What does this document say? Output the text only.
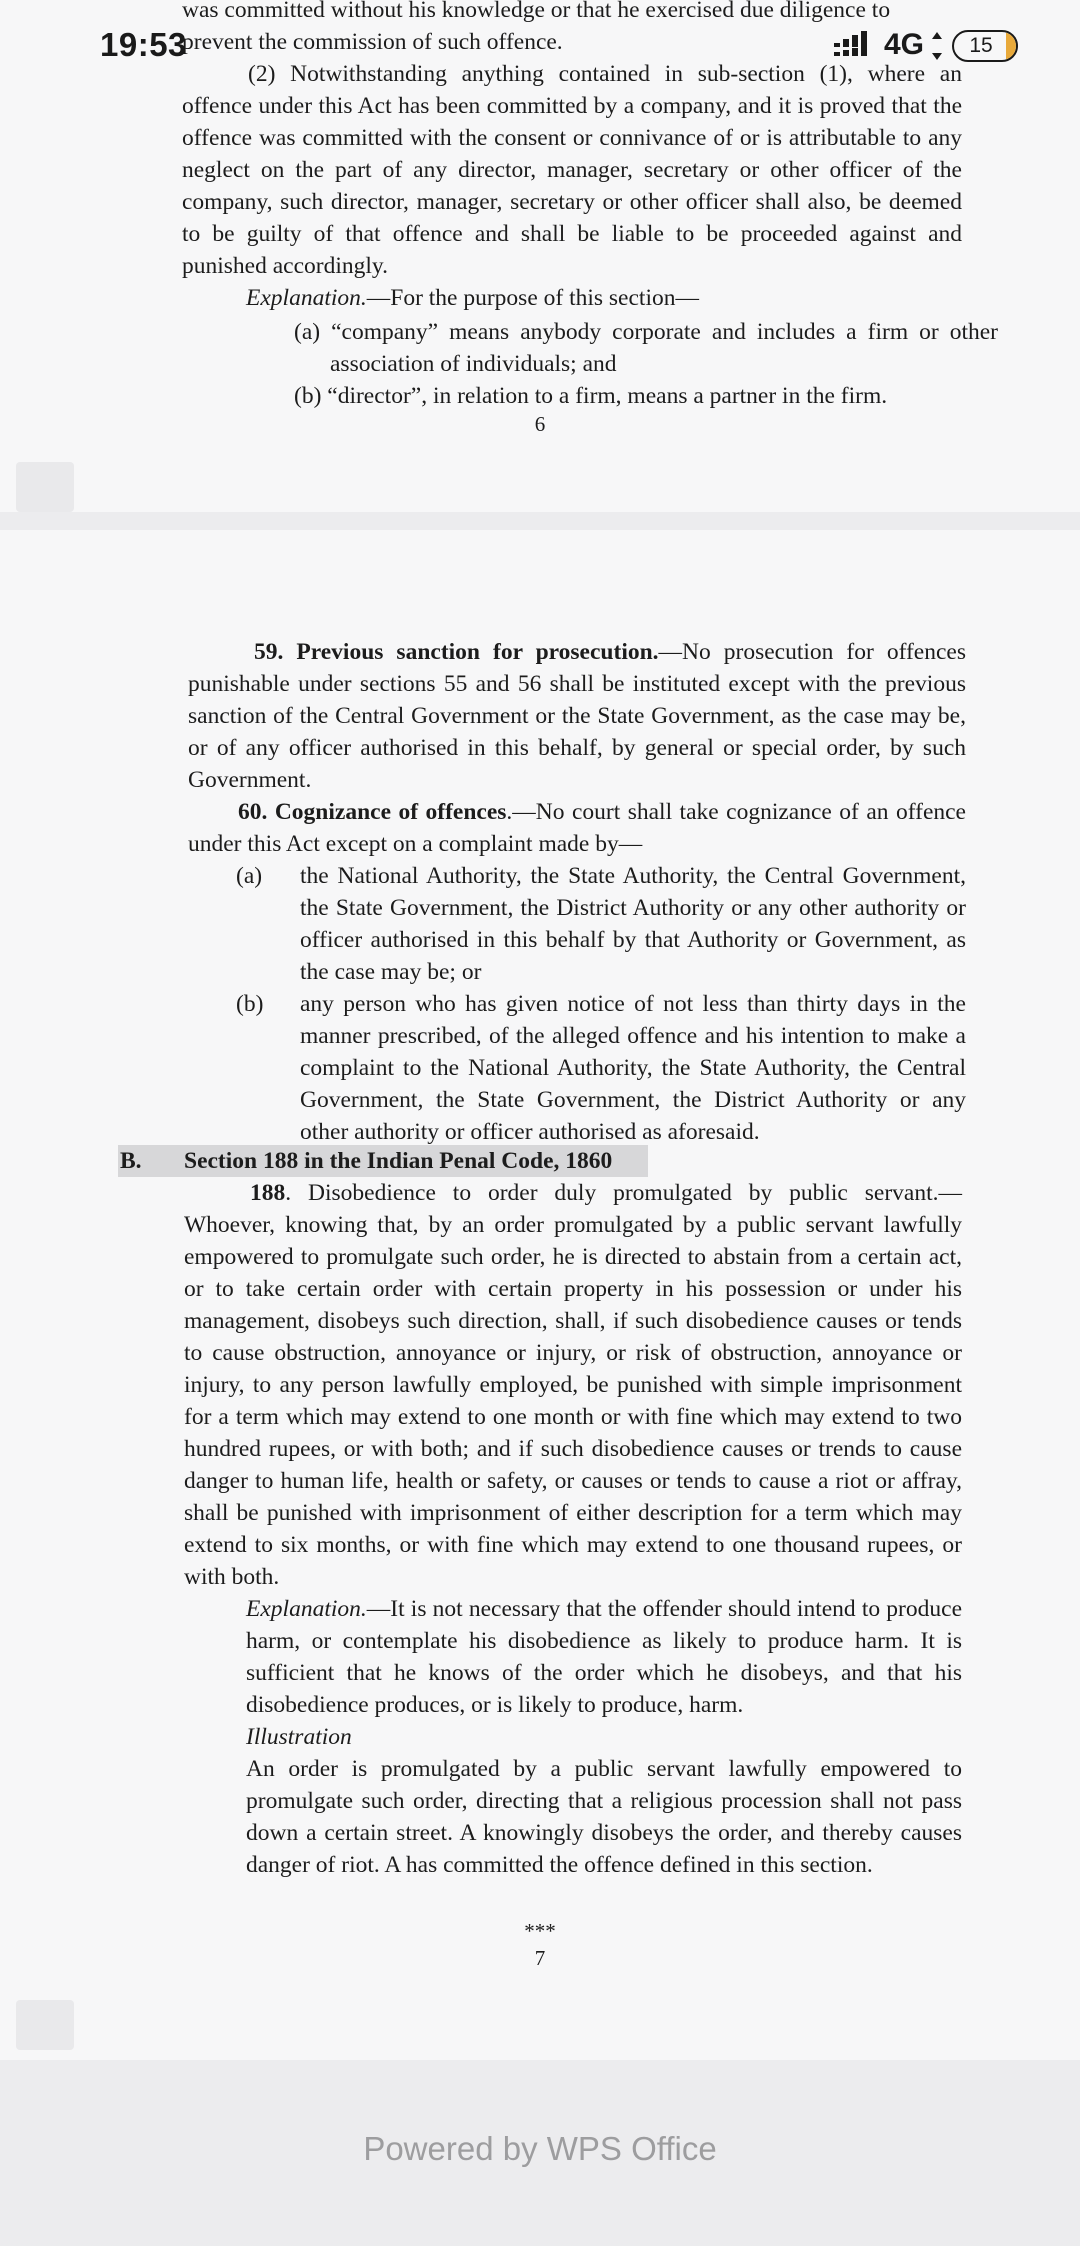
was committed without his knowledge or that he exercised due diligence to
prevent the commission of such offence.
(2) Notwithstanding anything contained in sub-section (1), where an offence under this Act has been committed by a company, and it is proved that the offence was committed with the consent or connivance of or is attributable to any neglect on the part of any director, manager, secretary or other officer of the company, such director, manager, secretary or other officer shall also, be deemed to be guilty of that offence and shall be liable to be proceeded against and punished accordingly.
Explanation.—For the purpose of this section—
(a) “company” means anybody corporate and includes a firm or other association of individuals; and
(b) “director”, in relation to a firm, means a partner in the firm.
6
59. Previous sanction for prosecution.—No prosecution for offences punishable under sections 55 and 56 shall be instituted except with the previous sanction of the Central Government or the State Government, as the case may be, or of any officer authorised in this behalf, by general or special order, by such Government.
60. Cognizance of offences.—No court shall take cognizance of an offence under this Act except on a complaint made by—
(a)	the National Authority, the State Authority, the Central Government, the State Government, the District Authority or any other authority or officer authorised in this behalf by that Authority or Government, as the case may be; or
(b)	any person who has given notice of not less than thirty days in the manner prescribed, of the alleged offence and his intention to make a complaint to the National Authority, the State Authority, the Central Government, the State Government, the District Authority or any other authority or officer authorised as aforesaid.
B.	Section 188 in the Indian Penal Code, 1860
188. Disobedience to order duly promulgated by public servant.—Whoever, knowing that, by an order promulgated by a public servant lawfully empowered to promulgate such order, he is directed to abstain from a certain act, or to take certain order with certain property in his possession or under his management, disobeys such direction, shall, if such disobedience causes or tends to cause obstruction, annoyance or injury, or risk of obstruction, annoyance or injury, to any person lawfully employed, be punished with simple imprisonment for a term which may extend to one month or with fine which may extend to two hundred rupees, or with both; and if such disobedience causes or trends to cause danger to human life, health or safety, or causes or tends to cause a riot or affray, shall be punished with imprisonment of either description for a term which may extend to six months, or with fine which may extend to one thousand rupees, or with both.
Explanation.—It is not necessary that the offender should intend to produce harm, or contemplate his disobedience as likely to produce harm. It is sufficient that he knows of the order which he disobeys, and that his disobedience produces, or is likely to produce, harm.
Illustration
An order is promulgated by a public servant lawfully empowered to promulgate such order, directing that a religious procession shall not pass down a certain street. A knowingly disobeys the order, and thereby causes danger of riot. A has committed the offence defined in this section.
***
7
19:53	4G 15
Powered by WPS Office
